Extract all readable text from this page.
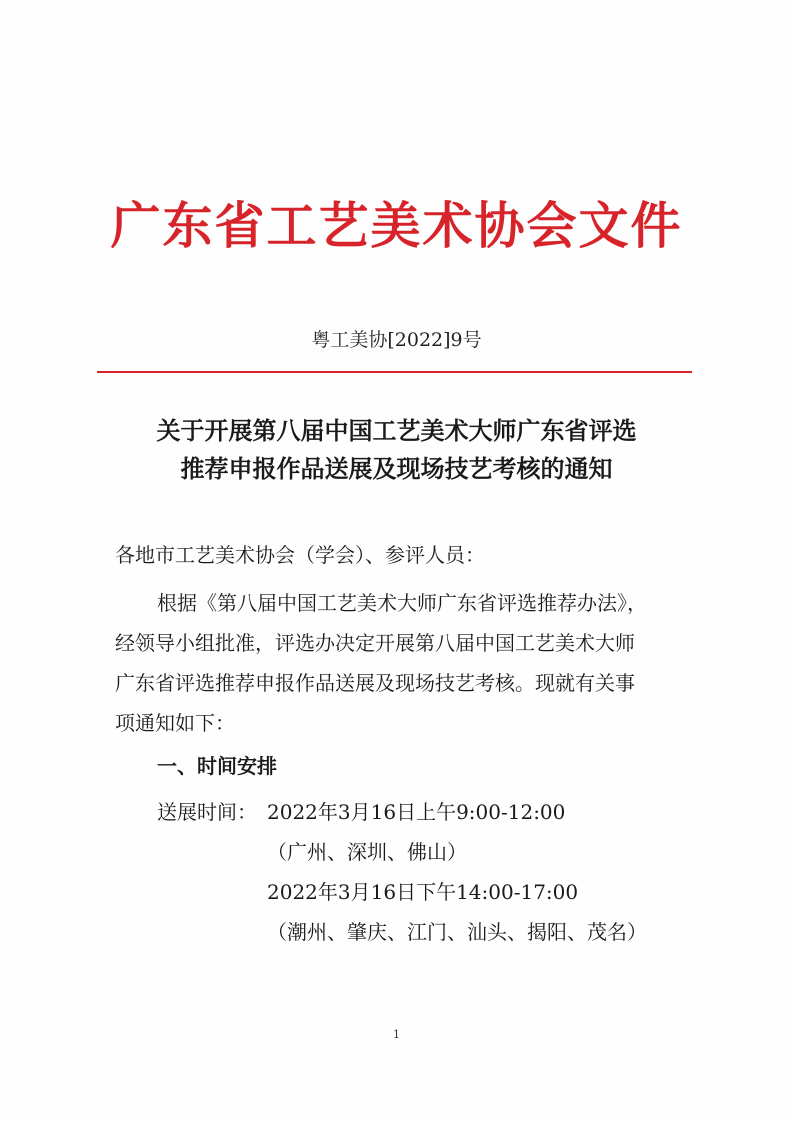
广东省工艺美术协会文件
粤工美协[2022]9号
关于开展第八届中国工艺美术大师广东省评选
推荐申报作品送展及现场技艺考核的通知
各地市工艺美术协会（学会）、参评人员：
根据《第八届中国工艺美术大师广东省评选推荐办法》，
经领导小组批准，评选办决定开展第八届中国工艺美术大师
广东省评选推荐申报作品送展及现场技艺考核。现就有关事
项通知如下：
一、时间安排
送展时间： 2022年3月16日上午9:00-12:00
（广州、深圳、佛山）
2022年3月16日下午14:00-17:00
（潮州、肇庆、江门、汕头、揭阳、茂名）
1
